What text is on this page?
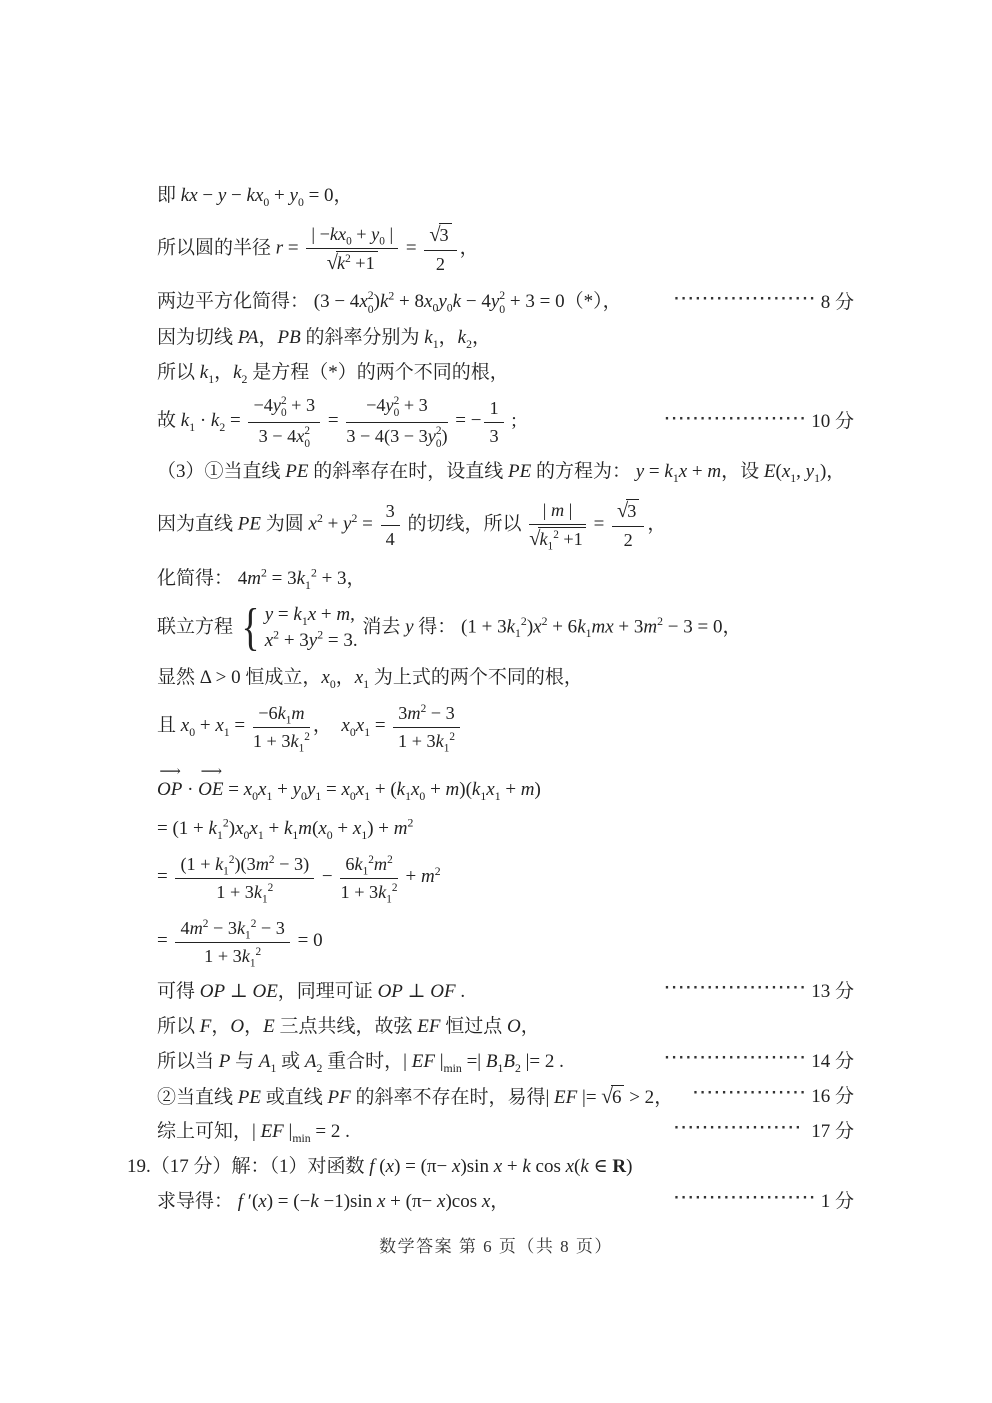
即 kx − $y - kx_0 + y_0 = 0$，
所以圆的半径 $r = \frac{| -kx_0 + y_0 |}{√k^2 +1} = \frac{√3}{2}$ ，
两边平方化简得： (3 − 4x 2
0 )$k^2 + 8x_0y_0k - 4y$ 2
0 + 3 = 0（*），	···················· 8 分
因为切线 PA，PB 的斜率分别为 $k_1$，$k_2$，
所以 $k_1$，$k_2$ 是方程（*）的两个不同的根，
故 $k_1 \cdot k_2 = -4y$ 2
0 + 3
3 − 4x 2
0 = −4y 2
0 + 3
3 − 4(3 − 3y 2
0 ) = − $\frac{1}{3}$ ;	···················· 10 分
（3）①当直线 PE 的斜率存在时，设直线 PE 的方程为： $y = k_1x + m$，设 $E(x_1$, $y_1$)，
因为直线 PE 为圆 $x^2 + y^2 = \frac{3}{4}$ 的切线，所以 $\frac{| m |}{√k_1^2 +1} = \frac{√3}{2}$ ，
化简得： $4m^2 = 3k_1^2 + 3$，
联立方程 { $y = k_1x + m$,
$x^2 + 3y^2 = 3$.
消去 y 得： $(1 + 3k_1^2)x^2 + 6k_1mx + 3m^2 - 3 = 0$，
显然 Δ > 0 恒成立，$x_0$，$x_1$ 为上式的两个不同的根，
且 $x_0 + x_1 = \frac{-6k_1m}{1 + 3k_1^2}$ ，  $x_0x_1 = \frac{3m^2 - 3}{1 + 3k_1^2}$
⟶
OP ·
⟶
OE = $x_0x_1 + y_0y_1 = x_0x_1 + (k_1x_0 + m)(k_1x_1 + m)$
= $(1 + k_1^2)x_0x_1 + k_1m(x_0 + x_1) + m^2$
= $\frac{(1 + k_1^2)(3m^2 - 3)}{1 + 3k_1^2} - \frac{6k_1^2m^2}{1 + 3k_1^2} + m^2$
= $\frac{4m^2 - 3k_1^2 - 3}{1 + 3k_1^2} = 0$
可得 OP ⊥ OE，同理可证 OP ⊥ OF .	···················· 13 分
所以 F，O，E 三点共线，故弦 EF 恒过点 O，
所以当 P 与 $A_1$ 或 $A_2$ 重合时，| EF $|_{min}$ =| $B_1B_2$ |= 2 .	···················· 14 分
②当直线 PE 或直线 PF 的斜率不存在时，易得| EF |= √6 > 2， ················ 16 分
综上可知，| EF $|_{min} = 2$ .	·················· 17 分
19.（17 分）解：（1）对函数 f (x) = (π− x)sin x + k cos x(k ∈ R)
求导得： f ′(x) = (−k −1)sin x + (π− x)cos x，	···················· 1 分
数学答案 第 6 页（共 8 页）
